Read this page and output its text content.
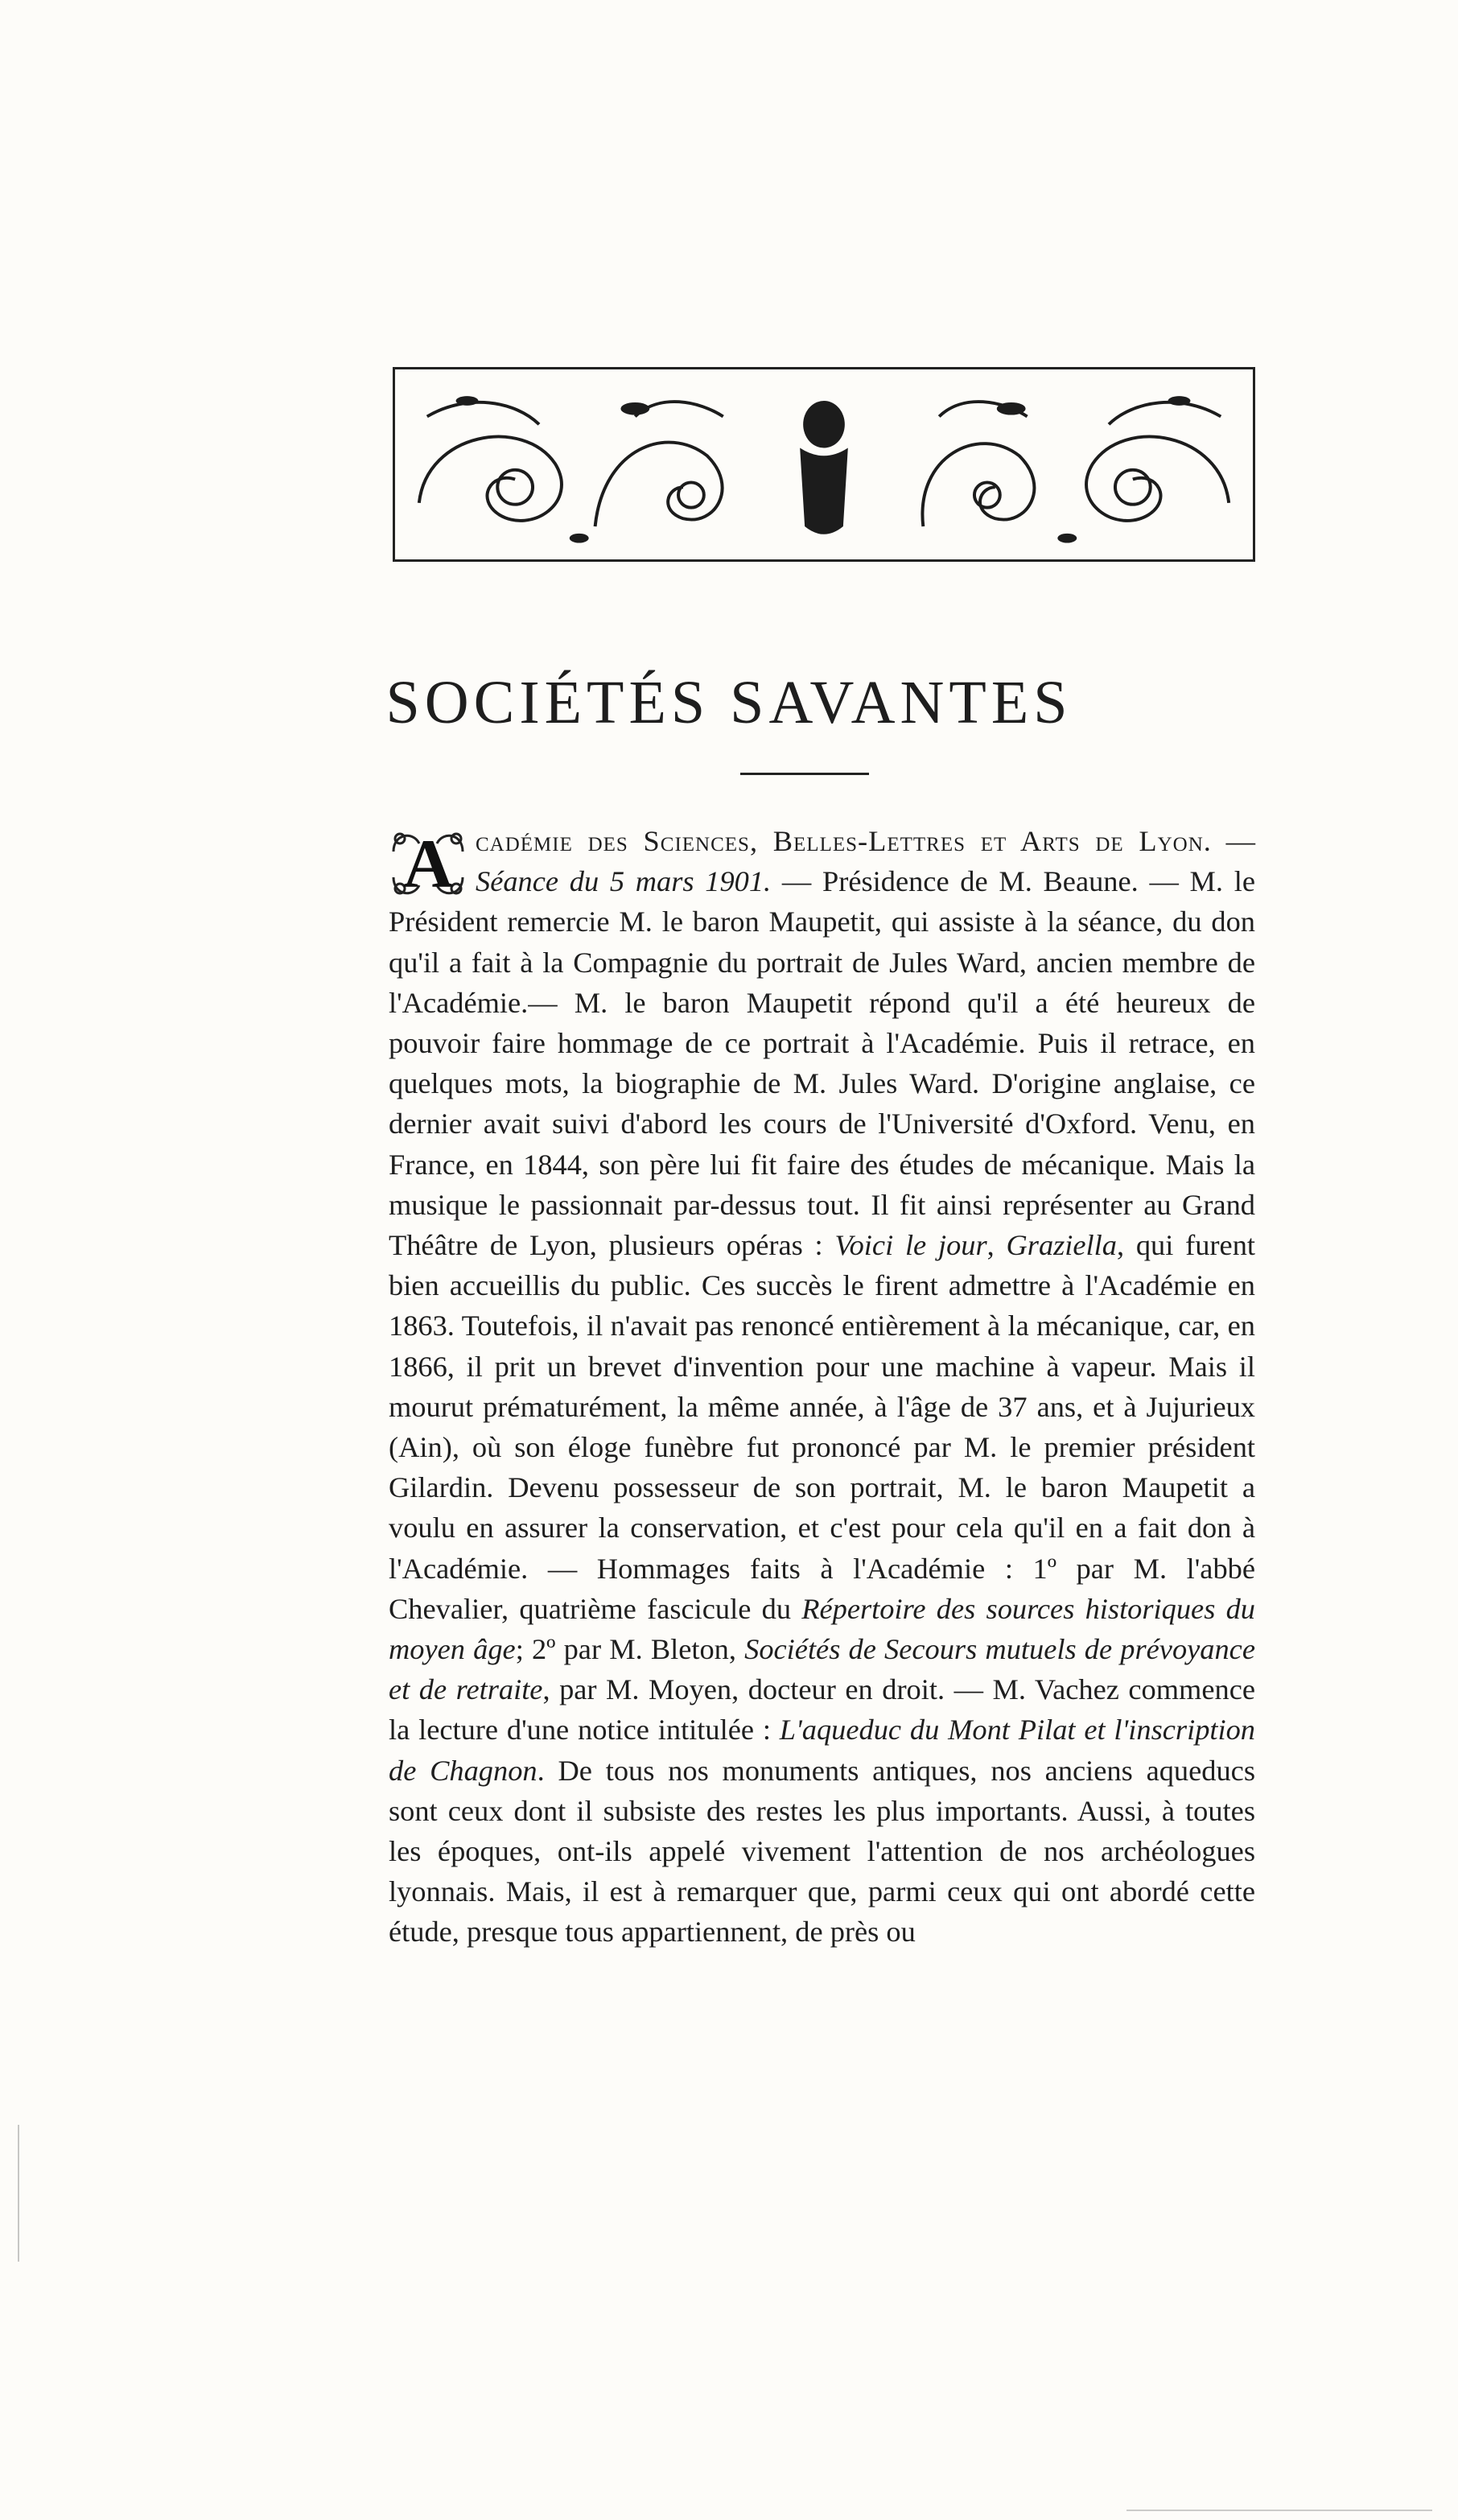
SOCIÉTÉS SAVANTES

A cadémie des Sciences, Belles-Lettres et Arts de Lyon. — Séance du 5 mars 1901. — Présidence de M. Beaune. — M. le Président remercie M. le baron Maupetit, qui assiste à la séance, du don qu'il a fait à la Compagnie du portrait de Jules Ward, ancien membre de l'Académie.— M. le baron Maupetit répond qu'il a été heureux de pouvoir faire hommage de ce portrait à l'Académie. Puis il retrace, en quelques mots, la biographie de M. Jules Ward. D'origine anglaise, ce dernier avait suivi d'abord les cours de l'Université d'Oxford. Venu, en France, en 1844, son père lui fit faire des études de mécanique. Mais la musique le passionnait par-dessus tout. Il fit ainsi représenter au Grand Théâtre de Lyon, plusieurs opéras : Voici le jour, Graziella, qui furent bien accueillis du public. Ces succès le firent admettre à l'Académie en 1863. Toutefois, il n'avait pas renoncé entièrement à la mécanique, car, en 1866, il prit un brevet d'invention pour une machine à vapeur. Mais il mourut prématurément, la même année, à l'âge de 37 ans, et à Jujurieux (Ain), où son éloge funèbre fut prononcé par M. le premier président Gilardin. Devenu possesseur de son portrait, M. le baron Maupetit a voulu en assurer la conservation, et c'est pour cela qu'il en a fait don à l'Académie. — Hommages faits à l'Académie : 1º par M. l'abbé Chevalier, quatrième fascicule du Répertoire des sources historiques du moyen âge; 2º par M. Bleton, Sociétés de Secours mutuels de prévoyance et de retraite, par M. Moyen, docteur en droit. — M. Vachez commence la lecture d'une notice intitulée : L'aqueduc du Mont Pilat et l'inscription de Chagnon. De tous nos monuments antiques, nos anciens aqueducs sont ceux dont il subsiste des restes les plus importants. Aussi, à toutes les époques, ont-ils appelé vivement l'attention de nos archéologues lyonnais. Mais, il est à remarquer que, parmi ceux qui ont abordé cette étude, presque tous appartiennent, de près ou
